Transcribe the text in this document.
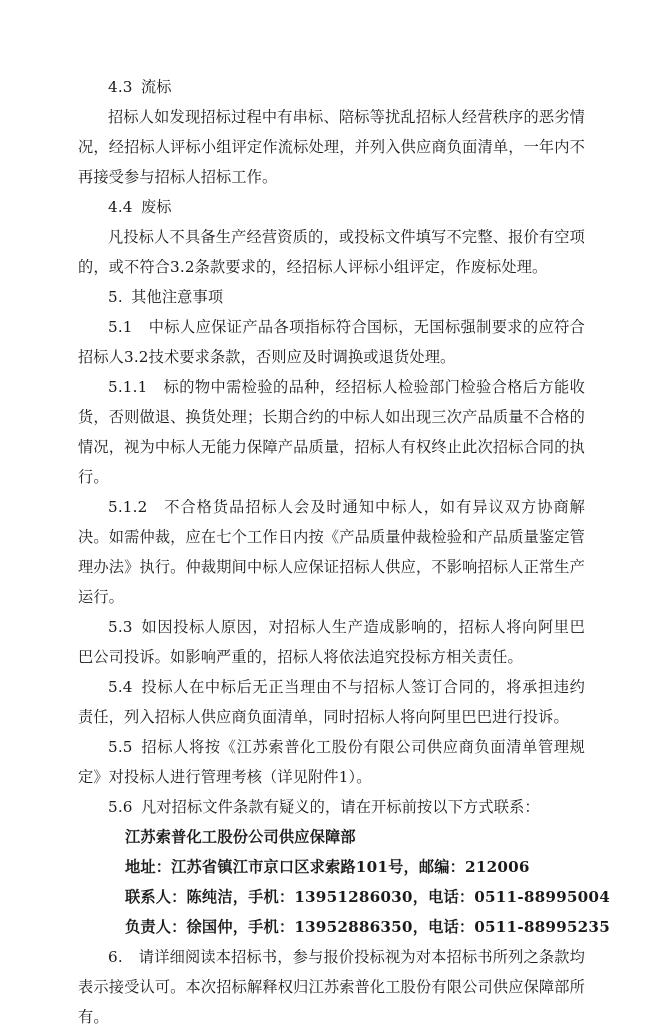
4.3 流标

招标人如发现招标过程中有串标、陪标等扰乱招标人经营秩序的恶劣情况，经招标人评标小组评定作流标处理，并列入供应商负面清单，一年内不再接受参与招标人招标工作。

4.4 废标

凡投标人不具备生产经营资质的，或投标文件填写不完整、报价有空项的，或不符合3.2条款要求的，经招标人评标小组评定，作废标处理。

5. 其他注意事项

5.1 中标人应保证产品各项指标符合国标，无国标强制要求的应符合招标人3.2技术要求条款，否则应及时调换或退货处理。

5.1.1 标的物中需检验的品种，经招标人检验部门检验合格后方能收货，否则做退、换货处理；长期合约的中标人如出现三次产品质量不合格的情况，视为中标人无能力保障产品质量，招标人有权终止此次招标合同的执行。

5.1.2 不合格货品招标人会及时通知中标人，如有异议双方协商解决。如需仲裁，应在七个工作日内按《产品质量仲裁检验和产品质量鉴定管理办法》执行。仲裁期间中标人应保证招标人供应，不影响招标人正常生产运行。

5.3 如因投标人原因，对招标人生产造成影响的，招标人将向阿里巴巴公司投诉。如影响严重的，招标人将依法追究投标方相关责任。

5.4 投标人在中标后无正当理由不与招标人签订合同的，将承担违约责任，列入招标人供应商负面清单，同时招标人将向阿里巴巴进行投诉。

5.5 招标人将按《江苏索普化工股份有限公司供应商负面清单管理规定》对投标人进行管理考核（详见附件1）。

5.6 凡对招标文件条款有疑义的，请在开标前按以下方式联系：

江苏索普化工股份公司供应保障部

地址：江苏省镇江市京口区求索路101号，邮编：212006

联系人：陈纯洁，手机：13951286030，电话：0511-88995004

负责人：徐国仲，手机：13952886350，电话：0511-88995235

6. 请详细阅读本招标书，参与报价投标视为对本招标书所列之条款均表示接受认可。本次招标解释权归江苏索普化工股份有限公司供应保障部所有。
